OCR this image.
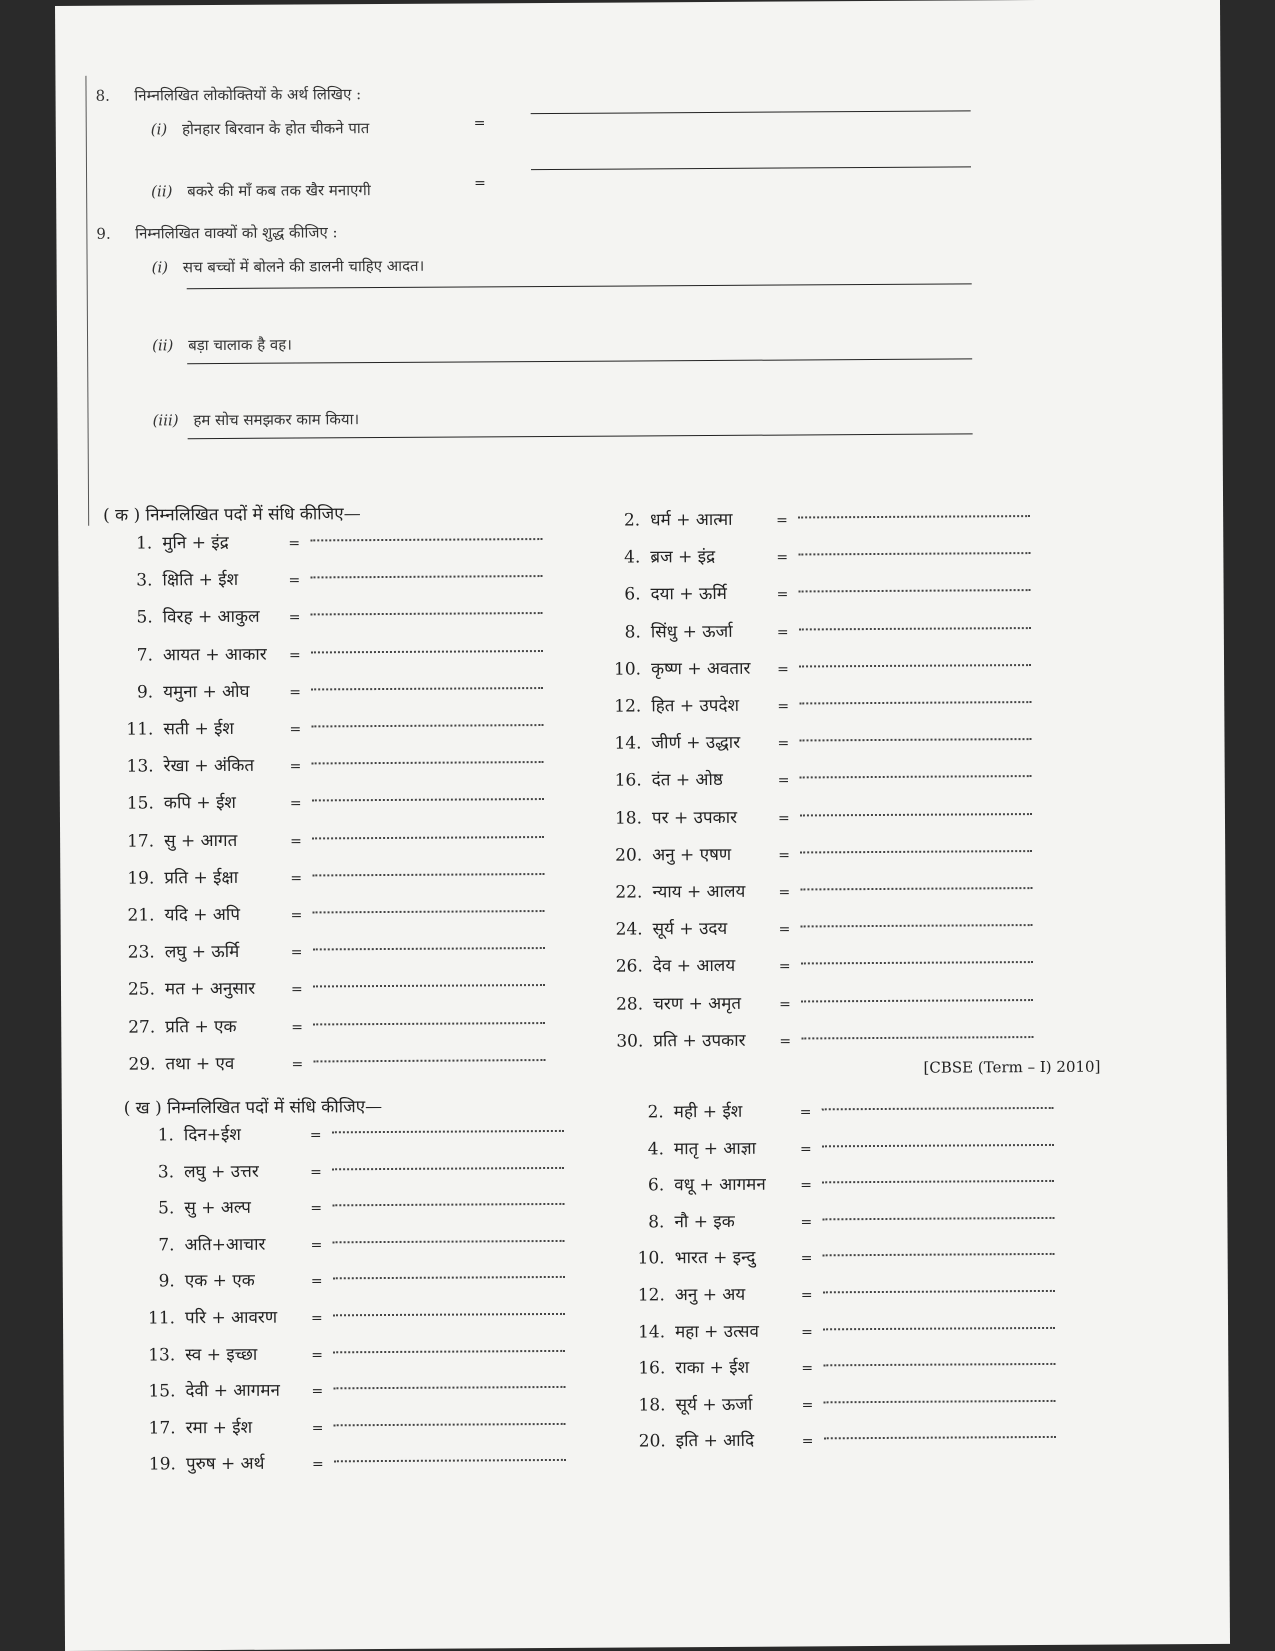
8. निम्नलिखित लोकोक्तियों के अर्थ लिखिए :
(i) होनहार बिरवान के होत चीकने पात	=
(ii) बकरे की माँ कब तक खैर मनाएगी	=
9. निम्नलिखित वाक्यों को शुद्ध कीजिए :
(i) सच बच्चों में बोलने की डालनी चाहिए आदत।
(ii) बड़ा चालाक है वह।
(iii) हम सोच समझकर काम किया।
( क ) निम्नलिखित पदों में संधि कीजिए—
1. मुनि + इंद्र	=
3. क्षिति + ईश	=
5. विरह + आकुल =
7. आयत + आकार =
9. यमुना + ओघ	=
11. सती + ईश	=
13. रेखा + अंकित	=
15. कपि + ईश	=
17. सु + आगत	=
19. प्रति + ईक्षा	=
21. यदि + अपि	=
23. लघु + ऊर्मि	=
25. मत + अनुसार	=
27. प्रति + एक	=
29. तथा + एव	=
2. धर्म + आत्मा	=
4. ब्रज + इंद्र	=
6. दया + ऊर्मि	=
8. सिंधु + ऊर्जा	=
10. कृष्ण + अवतार =
12. हित + उपदेश	=
14. जीर्ण + उद्धार	=
16. दंत + ओष्ठ	=
18. पर + उपकार	=
20. अनु + एषण	=
22. न्याय + आलय =
24. सूर्य + उदय	=
26. देव + आलय	=
28. चरण + अमृत	=
30. प्रति + उपकार =
[CBSE (Term – I) 2010]
( ख ) निम्नलिखित पदों में संधि कीजिए—
1. दिन+ईश	=
3. लघु + उत्तर	=
5. सु + अल्प	=
7. अति+आचार	=
9. एक + एक	=
11. परि + आवरण =
13. स्व + इच्छा	=
15. देवी + आगमन =
17. रमा + ईश	=
19. पुरुष + अर्थ	=
2. मही + ईश	=
4. मातृ + आज्ञा	=
6. वधू + आगमन =
8. नौ + इक	=
10. भारत + इन्दु	=
12. अनु + अय	=
14. महा + उत्सव	=
16. राका + ईश	=
18. सूर्य + ऊर्जा	=
20. इति + आदि	=
